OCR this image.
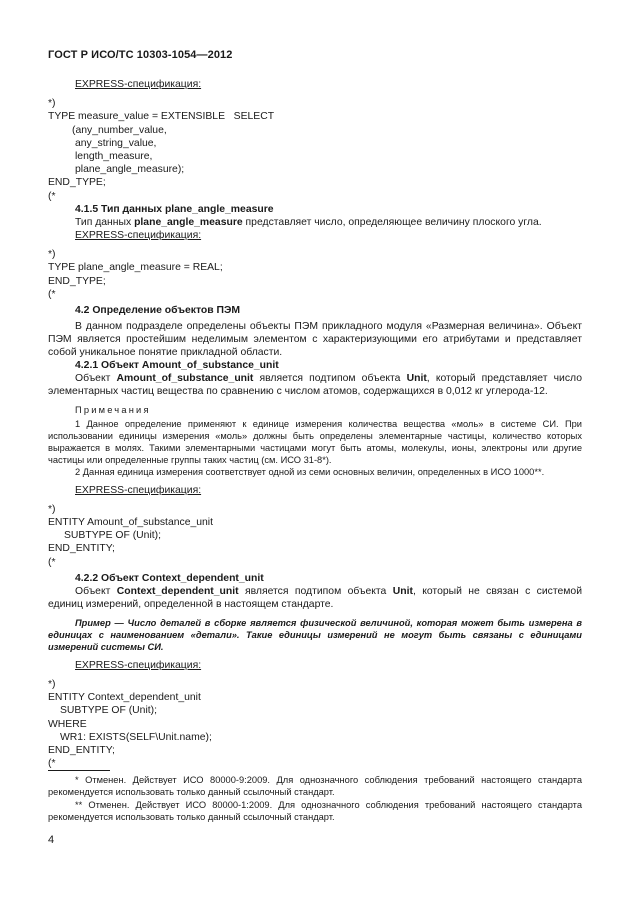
ГОСТ Р ИСО/ТС 10303-1054—2012
EXPRESS-спецификация:
*)
TYPE measure_value = EXTENSIBLE   SELECT
(any_number_value,
any_string_value,
length_measure,
plane_angle_measure);
END_TYPE;
(*
4.1.5 Тип данных plane_angle_measure
Тип данных plane_angle_measure представляет число, определяющее величину плоского угла.
EXPRESS-спецификация:
*)
TYPE plane_angle_measure = REAL;
END_TYPE;
(*
4.2 Определение объектов ПЭМ
В данном подразделе определены объекты ПЭМ прикладного модуля «Размерная величина». Объект ПЭМ является простейшим неделимым элементом с характеризующими его атрибутами и представляет собой уникальное понятие прикладной области.
4.2.1 Объект Amount_of_substance_unit
Объект Amount_of_substance_unit является подтипом объекта Unit, который представляет число элементарных частиц вещества по сравнению с числом атомов, содержащихся в 0,012 кг углерода-12.
Примечания
1 Данное определение применяют к единице измерения количества вещества «моль» в системе СИ. При использовании единицы измерения «моль» должны быть определены элементарные частицы, количество которых выражается в молях. Такими элементарными частицами могут быть атомы, молекулы, ионы, электроны или другие частицы или определенные группы таких частиц (см. ИСО 31-8*).
2 Данная единица измерения соответствует одной из семи основных величин, определенных в ИСО 1000**.
EXPRESS-спецификация:
*)
ENTITY Amount_of_substance_unit
SUBTYPE OF (Unit);
END_ENTITY;
(*
4.2.2 Объект Context_dependent_unit
Объект Context_dependent_unit является подтипом объекта Unit, который не связан с системой единиц измерений, определенной в настоящем стандарте.
Пример — Число деталей в сборке является физической величиной, которая может быть измерена в единицах с наименованием «детали». Такие единицы измерений не могут быть связаны с единицами измерений системы СИ.
EXPRESS-спецификация:
*)
ENTITY Context_dependent_unit
SUBTYPE OF (Unit);
WHERE
WR1: EXISTS(SELF\Unit.name);
END_ENTITY;
(*
* Отменен. Действует ИСО 80000-9:2009. Для однозначного соблюдения требований настоящего стандарта рекомендуется использовать только данный ссылочный стандарт.
** Отменен. Действует ИСО 80000-1:2009. Для однозначного соблюдения требований настоящего стандарта рекомендуется использовать только данный ссылочный стандарт.
4
